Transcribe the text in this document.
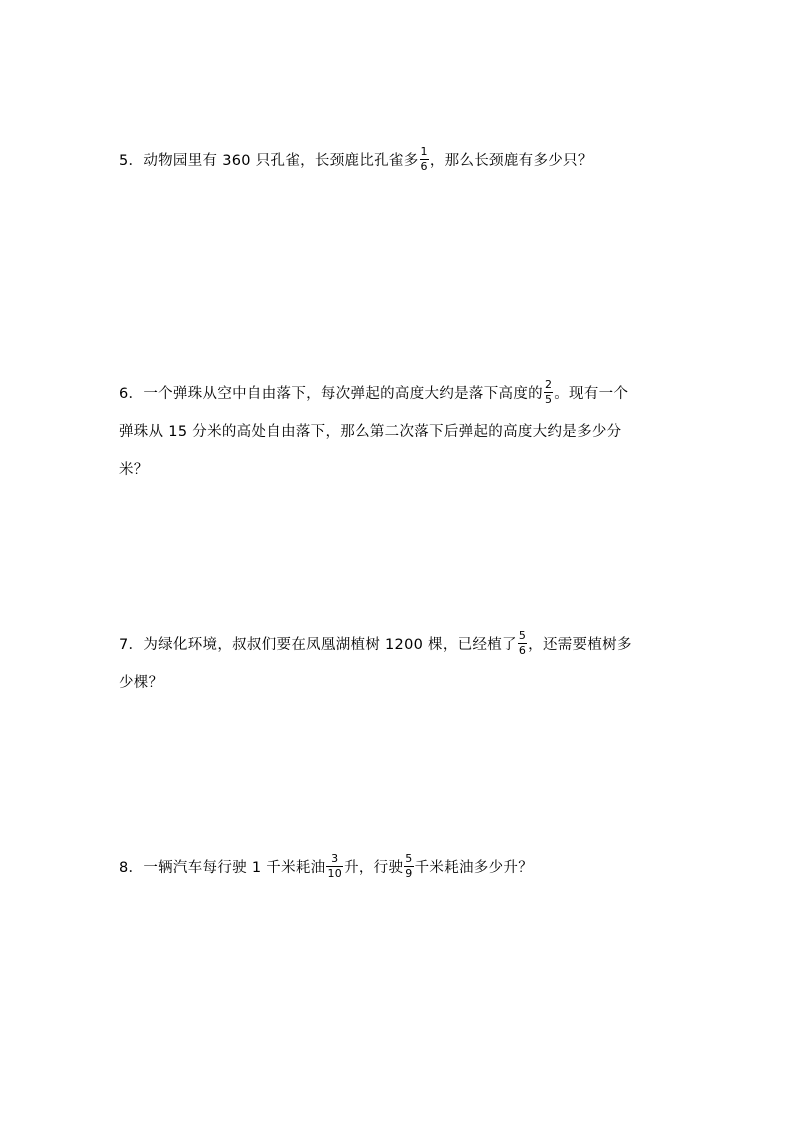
5．动物园里有 360 只孔雀，长颈鹿比孔雀多 $\frac{1}{6}$ ，那么长颈鹿有多少只？
6．一个弹珠从空中自由落下，每次弹起的高度大约是落下高度的 $\frac{2}{5}$ 。现有一个
弹珠从 15 分米的高处自由落下，那么第二次落下后弹起的高度大约是多少分
米？
7．为绿化环境，叔叔们要在凤凰湖植树 1200 棵，已经植了 $\frac{5}{6}$ ，还需要植树多
少棵？
8．一辆汽车每行驶 1 千米耗油 $\frac{3}{10}$ 升，行驶 $\frac{5}{9}$ 千米耗油多少升？
